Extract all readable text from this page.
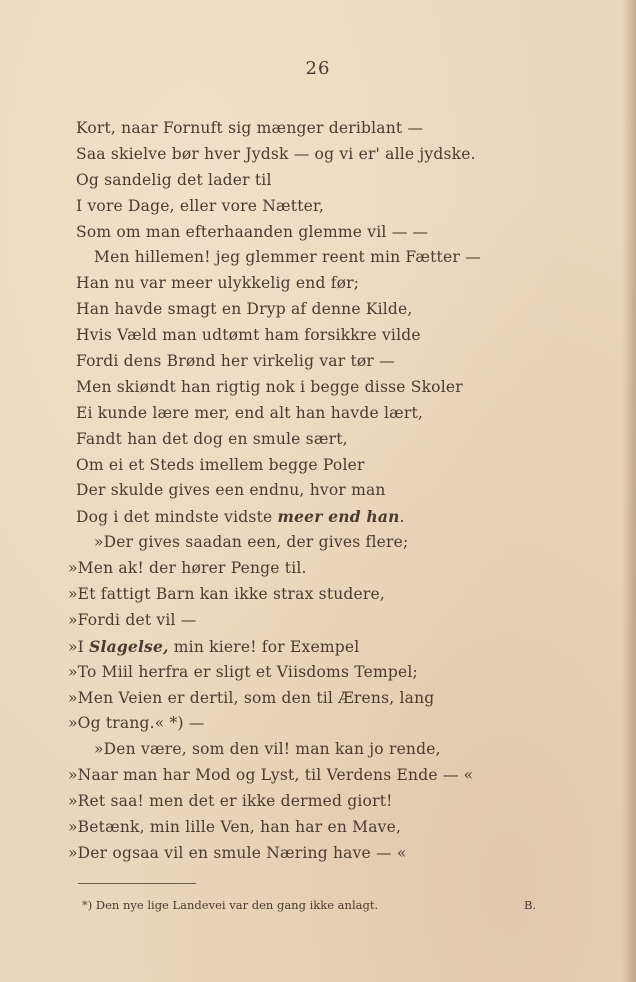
26
Kort, naar Fornuft sig mænger deriblant —
Saa skielve bør hver Jydsk — og vi er' alle jydske.
Og sandelig det lader til
I vore Dage, eller vore Nætter,
Som om man efterhaanden glemme vil — —
Men hillemen! jeg glemmer reent min Fætter —
Han nu var meer ulykkelig end før;
Han havde smagt en Dryp af denne Kilde,
Hvis Væld man udtømt ham forsikkre vilde
Fordi dens Brønd her virkelig var tør —
Men skiøndt han rigtig nok i begge disse Skoler
Ei kunde lære mer, end alt han havde lært,
Fandt han det dog en smule sært,
Om ei et Steds imellem begge Poler
Der skulde gives een endnu, hvor man
Dog i det mindste vidste meer end han.
»Der gives saadan een, der gives flere;
»Men ak! der hører Penge til.
»Et fattigt Barn kan ikke strax studere,
»Fordi det vil —
»I Slagelse, min kiere! for Exempel
»To Miil herfra er sligt et Viisdoms Tempel;
»Men Veien er dertil, som den til Ærens, lang
»Og trang.« *) —
»Den være, som den vil! man kan jo rende,
»Naar man har Mod og Lyst, til Verdens Ende — «
»Ret saa! men det er ikke dermed giort!
»Betænk, min lille Ven, han har en Mave,
»Der ogsaa vil en smule Næring have — «
*) Den nye lige Landevei var den gang ikke anlagt.	B.
